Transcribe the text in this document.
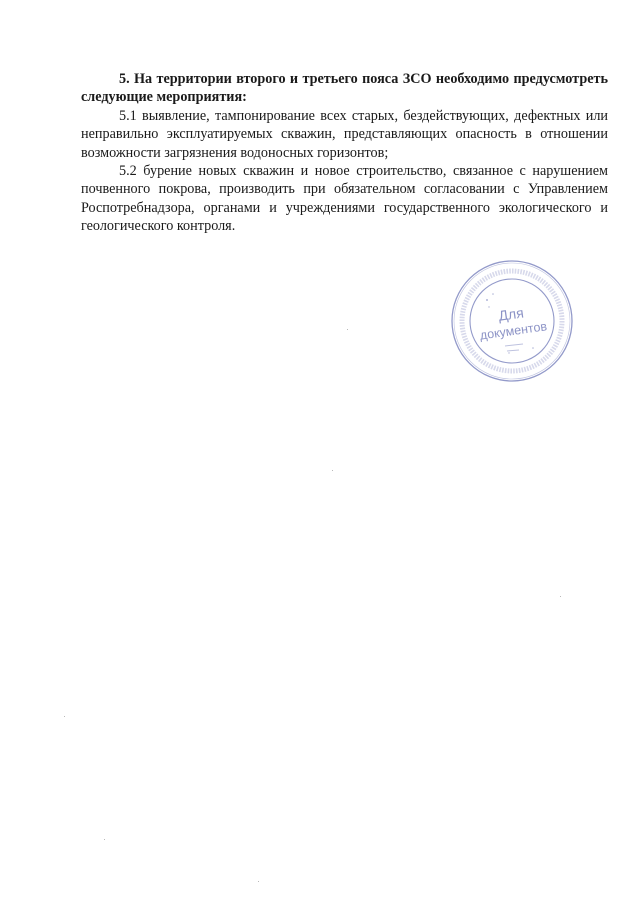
5. На территории второго и третьего пояса ЗСО необходимо предусмотреть следующие мероприятия:

5.1 выявление, тампонирование всех старых, бездействующих, дефектных или неправильно эксплуатируемых скважин, представляющих опасность в отношении возможности загрязнения водоносных горизонтов;

5.2 бурение новых скважин и новое строительство, связанное с нарушением почвенного покрова, производить при обязательном согласовании с Управлением Роспотребнадзора, органами и учреждениями государственного экологического и геологического контроля.

Для
документов
